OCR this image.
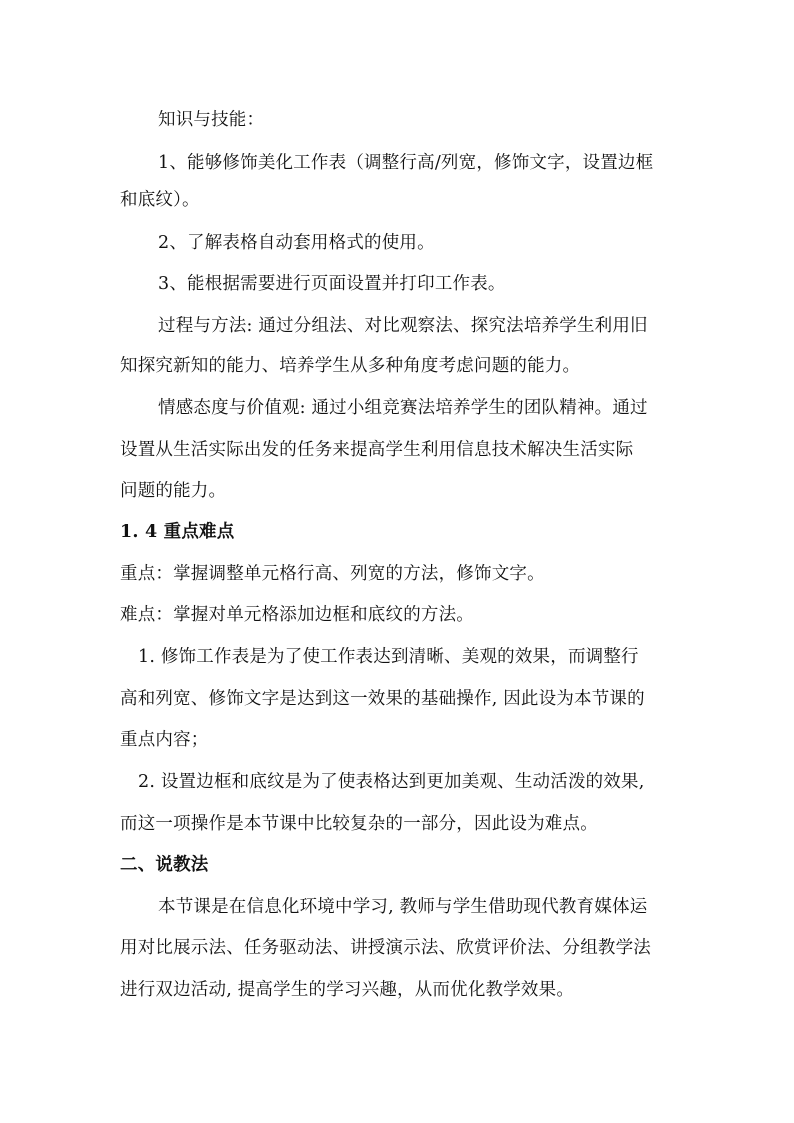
知识与技能：
1、能够修饰美化工作表（调整行高/列宽，修饰文字，设置边框
和底纹）。
2、了解表格自动套用格式的使用。
3、能根据需要进行页面设置并打印工作表。
过程与方法: 通过分组法、对比观察法、探究法培养学生利用旧
知探究新知的能力、培养学生从多种角度考虑问题的能力。
情感态度与价值观: 通过小组竞赛法培养学生的团队精神。通过
设置从生活实际出发的任务来提高学生利用信息技术解决生活实际
问题的能力。
1. 4 重点难点
重点：掌握调整单元格行高、列宽的方法，修饰文字。
难点：掌握对单元格添加边框和底纹的方法。
1. 修饰工作表是为了使工作表达到清晰、美观的效果，而调整行
高和列宽、修饰文字是达到这一效果的基础操作, 因此设为本节课的
重点内容；
2. 设置边框和底纹是为了使表格达到更加美观、生动活泼的效果,
而这一项操作是本节课中比较复杂的一部分，因此设为难点。
二、说教法
本节课是在信息化环境中学习, 教师与学生借助现代教育媒体运
用对比展示法、任务驱动法、讲授演示法、欣赏评价法、分组教学法
进行双边活动, 提高学生的学习兴趣，从而优化教学效果。
